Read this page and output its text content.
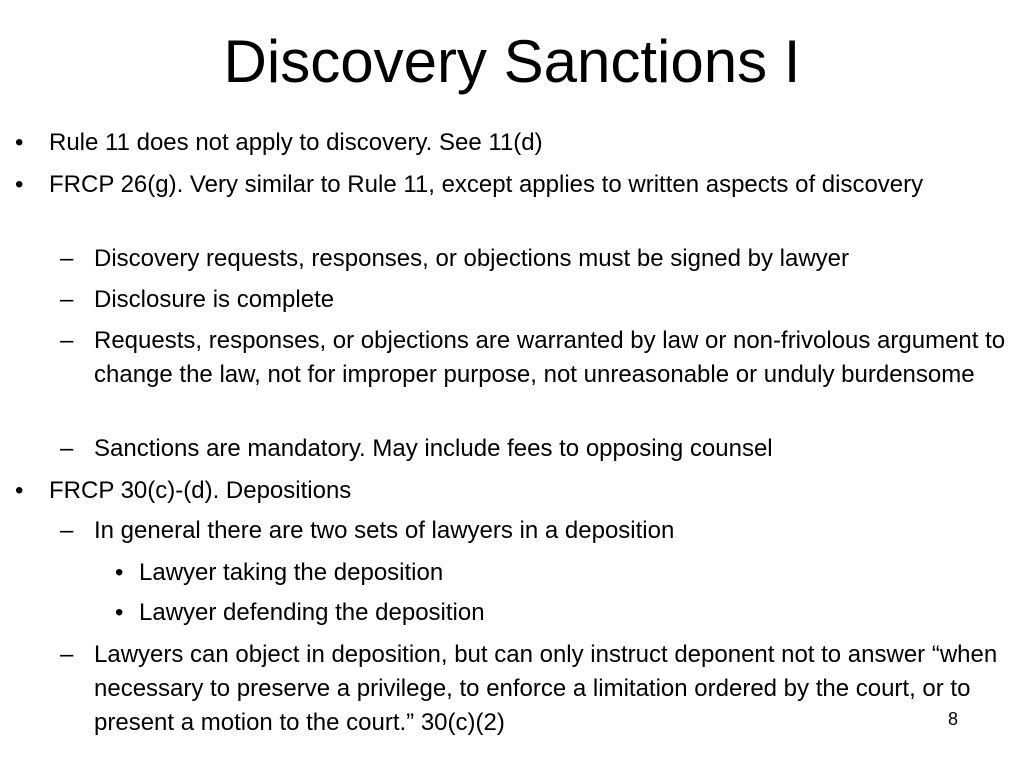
Discovery Sanctions I
• Rule 11 does not apply to discovery. See 11(d)

• FRCP 26(g). Very similar to Rule 11, except applies to written aspects of discovery

– Discovery requests, responses, or objections must be signed by lawyer

– Disclosure is complete

– Requests, responses, or objections are warranted by law or non-frivolous argument to change the law, not for improper purpose, not unreasonable or unduly burdensome

– Sanctions are mandatory. May include fees to opposing counsel

• FRCP 30(c)-(d). Depositions

– In general there are two sets of lawyers in a deposition

• Lawyer taking the deposition

• Lawyer defending the deposition

– Lawyers can object in deposition, but can only instruct deponent not to answer “when necessary to preserve a privilege, to enforce a limitation ordered by the court, or to present a motion to the court.” 30(c)(2)	8
